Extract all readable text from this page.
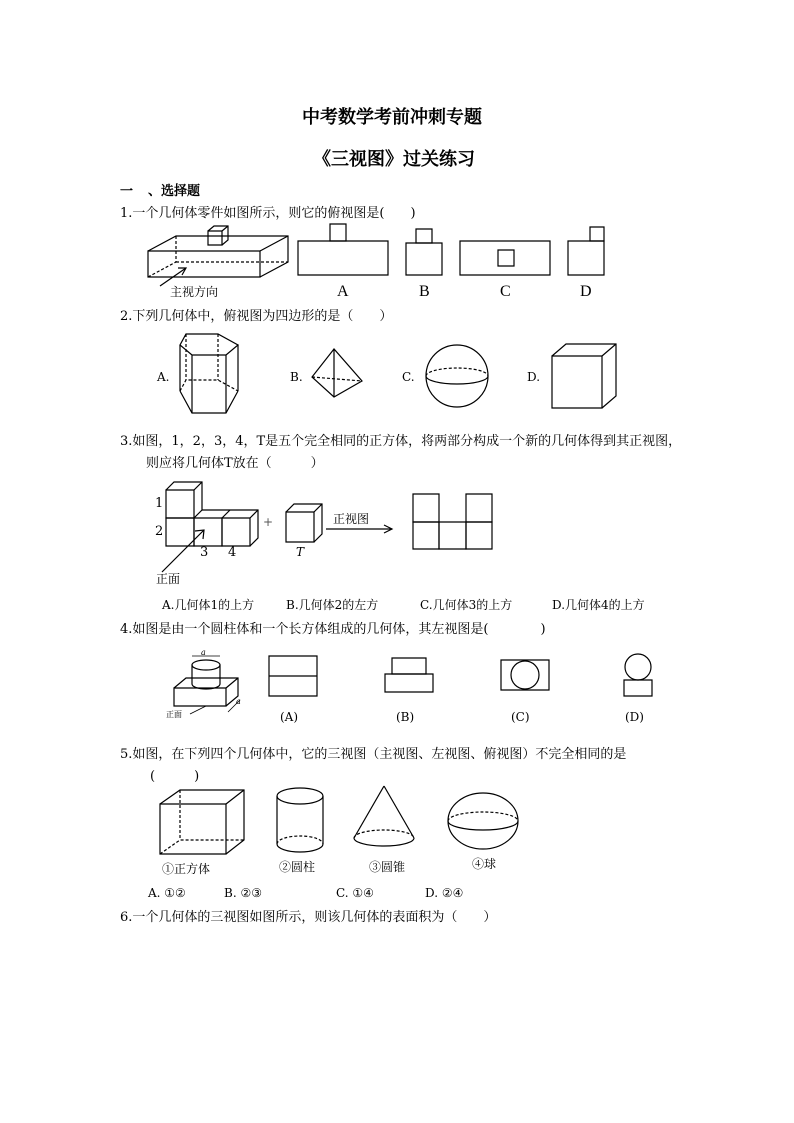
中考数学考前冲刺专题
《三视图》过关练习
一 、选择题
1.一个几何体零件如图所示，则它的俯视图是(　　)
主视方向	A	B	C	D
2.下列几何体中，俯视图为四边形的是（　　）
A.	B.	C.	D.
3.如图，1，2，3，4，T是五个完全相同的正方体，将两部分构成一个新的几何体得到其正视图，
则应将几何体T放在（　　　）
1
2
3 4
正面
+
T
正视图
A.几何体1的上方	B.几何体2的左方	C.几何体3的上方	D.几何体4的上方
4.如图是由一个圆柱体和一个长方体组成的几何体，其左视图是(　　　　)
a
a
正面	(A)	(B)	(C)	(D)
5.如图，在下列四个几何体中，它的三视图（主视图、左视图、俯视图）不完全相同的是
(　　　)
①正方体	②圆柱	③圆锥	④球
A. ①②	B. ②③	C. ①④	D. ②④
6.一个几何体的三视图如图所示，则该几何体的表面积为（　　）
